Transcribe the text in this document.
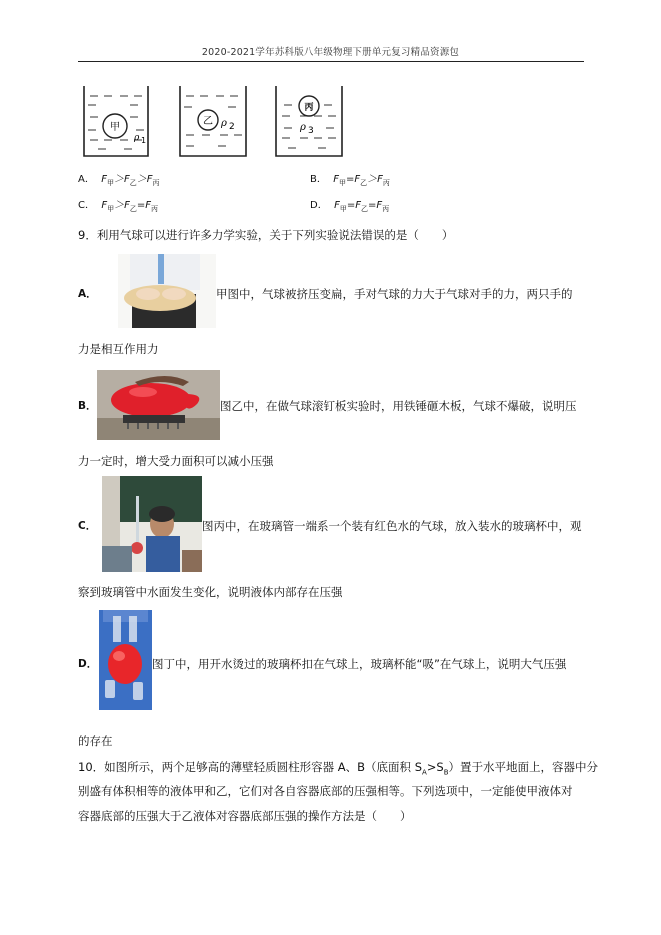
2020-2021学年苏科版八年级物理下册单元复习精品资源包
甲
ρ 1
乙 ρ 2
丙
ρ 3
A． $F_甲>F_乙>F_丙$	B． $F_甲=F_乙>F_丙$
C． $F_甲>F_乙=F_丙$	D． $F_甲=F_乙=F_丙$
9．利用气球可以进行许多力学实验，关于下列实验说法错误的是（　　）
A．	甲图中，气球被挤压变扁，手对气球的力大于气球对手的力，两只手的
力是相互作用力
B．	图乙中，在做气球滚钉板实验时，用铁锤砸木板，气球不爆破，说明压
力一定时，增大受力面积可以减小压强
C．	图丙中，在玻璃管一端系一个装有红色水的气球，放入装水的玻璃杯中，观
察到玻璃管中水面发生变化，说明液体内部存在压强
D．	图丁中，用开水烫过的玻璃杯扣在气球上，玻璃杯能“吸”在气球上，说明大气压强
的存在
10．如图所示，两个足够高的薄壁轻质圆柱形容器 A、B（底面积 $S_A>S_B$）置于水平地面上，容器中分
别盛有体积相等的液体甲和乙，它们对各自容器底部的压强相等。下列选项中，一定能使甲液体对
容器底部的压强大于乙液体对容器底部压强的操作方法是（　　）
